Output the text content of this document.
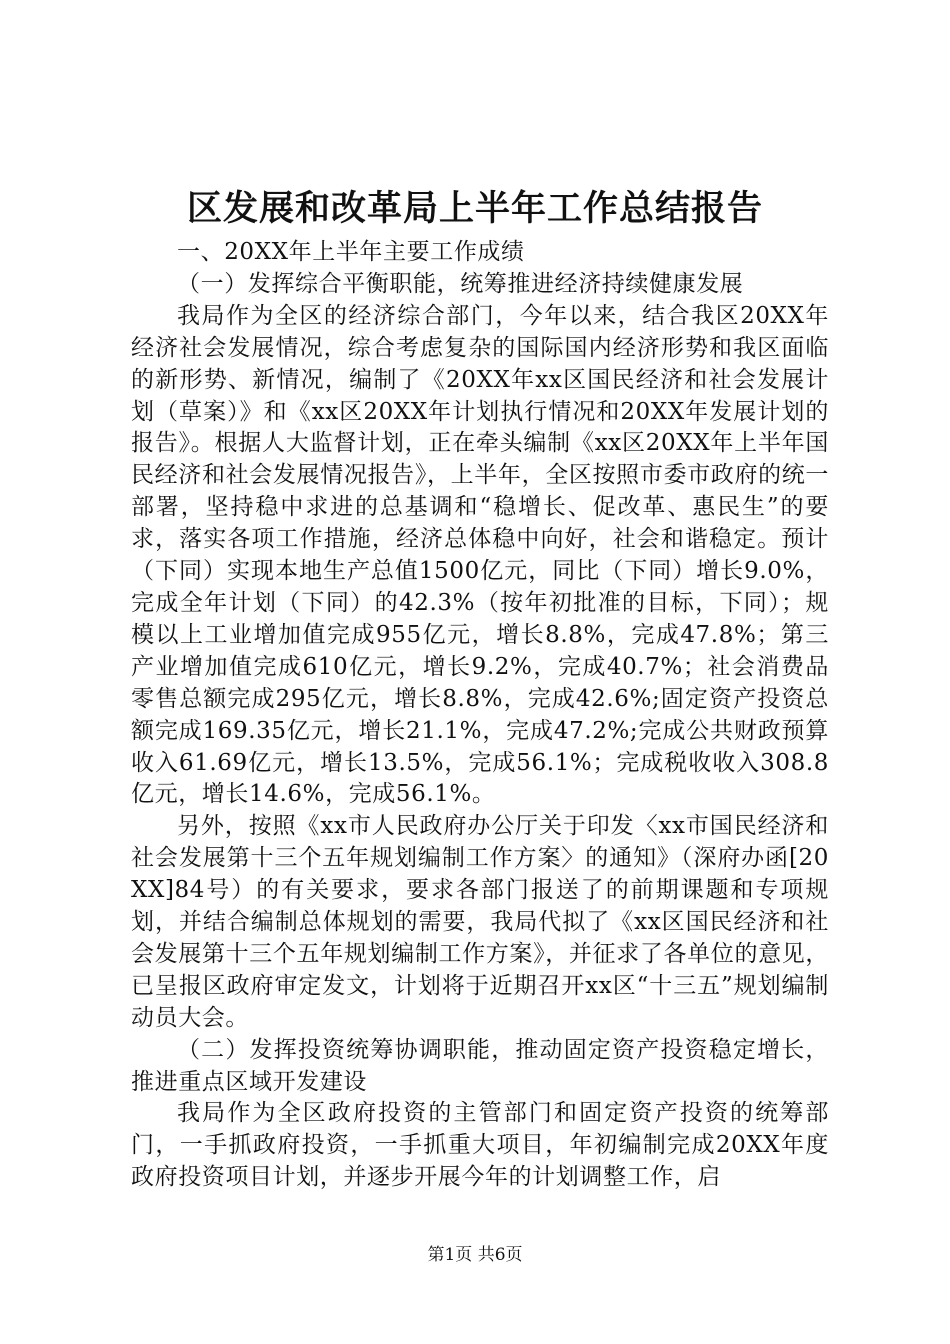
区发展和改革局上半年工作总结报告

一、20XX年上半年主要工作成绩

（一）发挥综合平衡职能，统筹推进经济持续健康发展

我局作为全区的经济综合部门，今年以来，结合我区20XX年经济社会发展情况，综合考虑复杂的国际国内经济形势和我区面临的新形势、新情况，编制了《20XX年xx区国民经济和社会发展计划（草案）》和《xx区20XX年计划执行情况和20XX年发展计划的报告》。根据人大监督计划，正在牵头编制《xx区20XX年上半年国民经济和社会发展情况报告》，上半年，全区按照市委市政府的统一部署，坚持稳中求进的总基调和“稳增长、促改革、惠民生”的要求，落实各项工作措施，经济总体稳中向好，社会和谐稳定。预计（下同）实现本地生产总值1500亿元，同比（下同）增长9.0%，完成全年计划（下同）的42.3%（按年初批准的目标，下同）；规模以上工业增加值完成955亿元，增长8.8%，完成47.8%；第三产业增加值完成610亿元，增长9.2%，完成40.7%；社会消费品零售总额完成295亿元，增长8.8%，完成42.6%;固定资产投资总额完成169.35亿元，增长21.1%，完成47.2%;完成公共财政预算收入61.69亿元，增长13.5%，完成56.1%；完成税收收入308.8亿元，增长14.6%，完成56.1%。

另外，按照《xx市人民政府办公厅关于印发〈xx市国民经济和社会发展第十三个五年规划编制工作方案〉的通知》（深府办函[20XX]84号）的有关要求，要求各部门报送了的前期课题和专项规划，并结合编制总体规划的需要，我局代拟了《xx区国民经济和社会发展第十三个五年规划编制工作方案》，并征求了各单位的意见，已呈报区政府审定发文，计划将于近期召开xx区“十三五”规划编制动员大会。

（二）发挥投资统筹协调职能，推动固定资产投资稳定增长，推进重点区域开发建设

我局作为全区政府投资的主管部门和固定资产投资的统筹部门，一手抓政府投资，一手抓重大项目，年初编制完成20XX年度政府投资项目计划，并逐步开展今年的计划调整工作，启

第1页 共6页
